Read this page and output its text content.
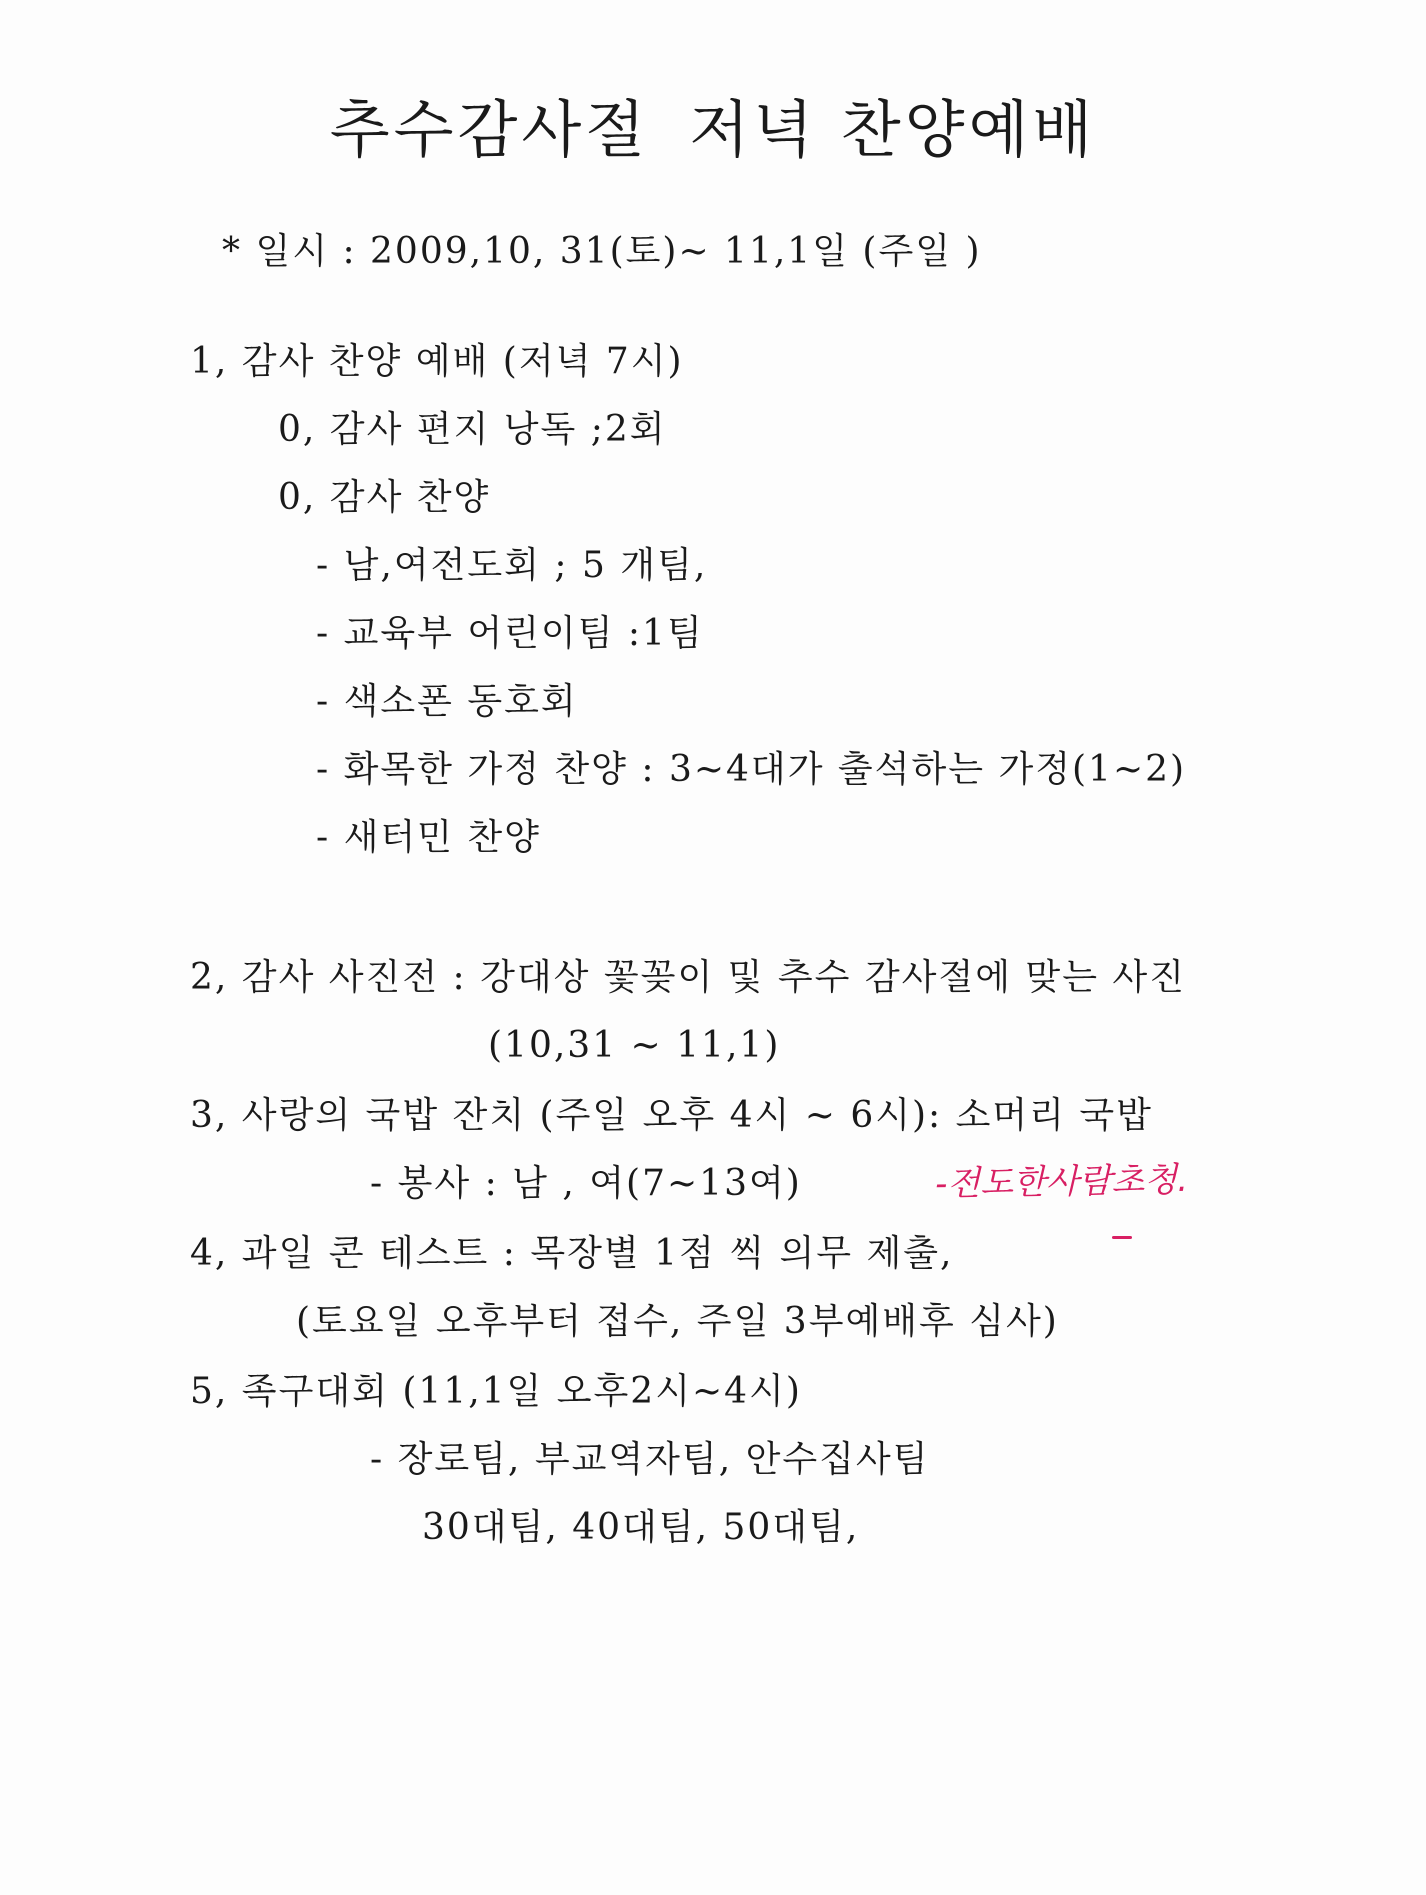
추수감사절 저녁 찬양예배
* 일시 : 2009,10, 31(토)~ 11,1일 (주일 )
1, 감사 찬양 예배 (저녁 7시)
0, 감사 편지 낭독 ;2회
0, 감사 찬양
- 남,여전도회 ; 5 개팀,
- 교육부 어린이팀 :1팀
- 색소폰 동호회
- 화목한 가정 찬양 : 3~4대가 출석하는 가정(1~2)
- 새터민 찬양
2, 감사 사진전 : 강대상 꽃꽂이 및 추수 감사절에 맞는 사진
(10,31 ~ 11,1)
3, 사랑의 국밥 잔치 (주일 오후 4시 ~ 6시): 소머리 국밥
- 봉사 : 남 , 여(7~13여)
4, 과일 콘 테스트 : 목장별 1점 씩 의무 제출,
(토요일 오후부터 접수, 주일 3부예배후 심사)
5, 족구대회 (11,1일 오후2시~4시)
- 장로팀, 부교역자팀, 안수집사팀
30대팀, 40대팀, 50대팀,
-전도한사람초청.
